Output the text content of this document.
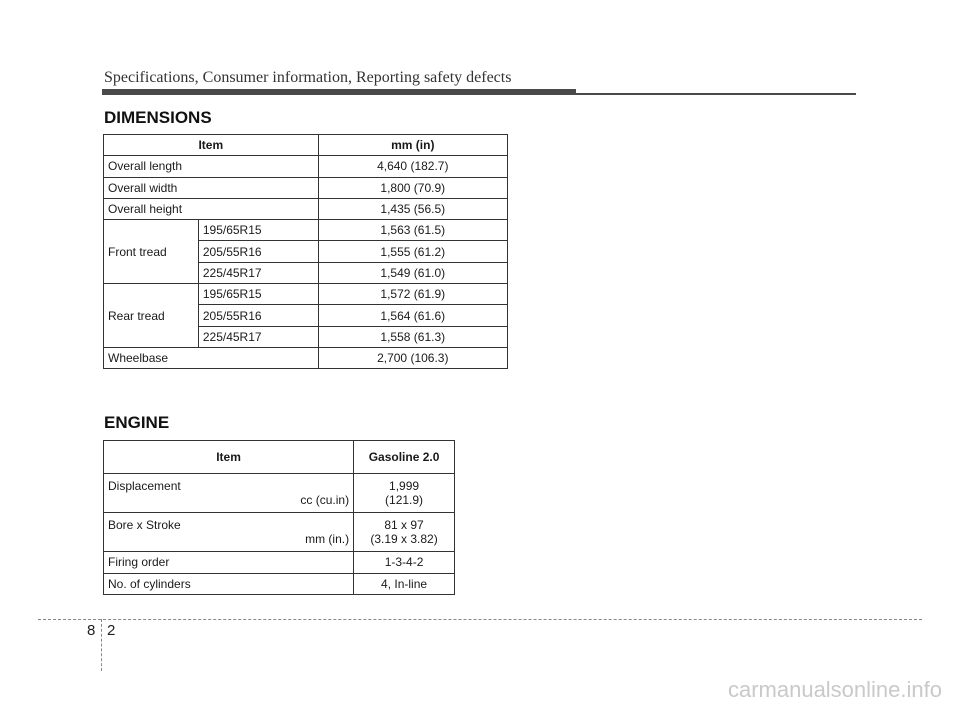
Specifications, Consumer information, Reporting safety defects
DIMENSIONS
Item		mm (in)
Overall length		4,640 (182.7)
Overall width		1,800 (70.9)
Overall height		1,435 (56.5)
Front tread	195/65R15	1,563 (61.5)
	205/55R16	1,555 (61.2)
	225/45R17	1,549 (61.0)
Rear tread	195/65R15	1,572 (61.9)
	205/55R16	1,564 (61.6)
	225/45R17	1,558 (61.3)
Wheelbase		2,700 (106.3)
ENGINE
Item	Gasoline 2.0

Displacement
cc (cu.in)	1,999
(121.9)

Bore x Stroke
mm (in.)	81 x 97
(3.19 x 3.82)

Firing order	1-3-4-2
No. of cylinders	4, In-line
8 2
carmanualsonline.info
